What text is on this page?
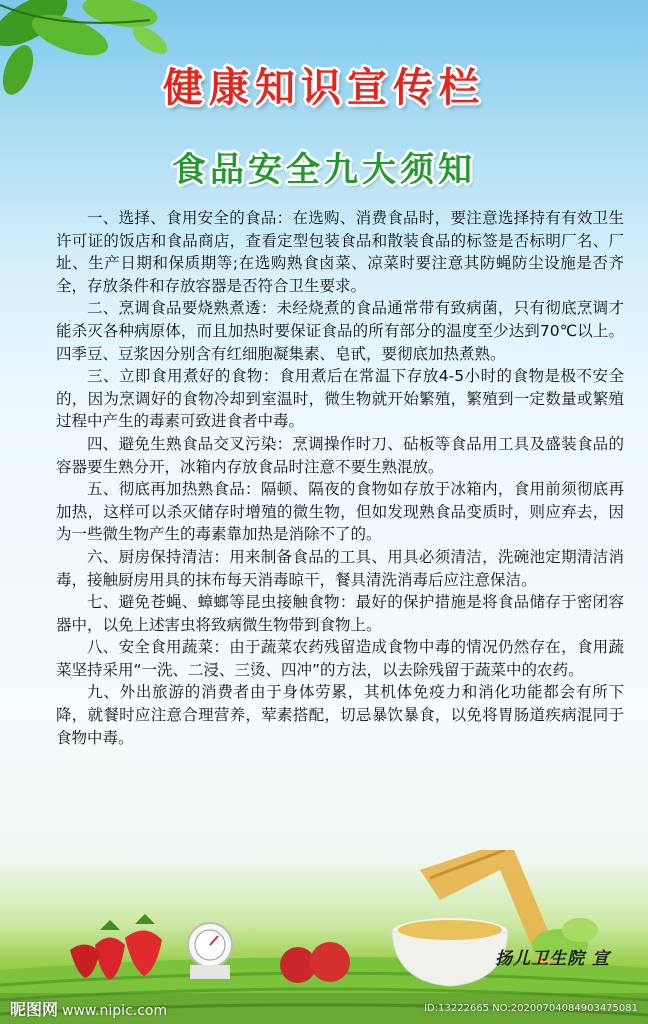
健康知识宣传栏
食品安全九大须知

一、选择、食用安全的食品：在选购、消费食品时，要注意选择持有有效卫生许可证的饭店和食品商店，查看定型包装食品和散装食品的标签是否标明厂名、厂址、生产日期和保质期等;在选购熟食卤菜、凉菜时要注意其防蝇防尘设施是否齐全，存放条件和存放容器是否符合卫生要求。

二、烹调食品要烧熟煮透：未经烧煮的食品通常带有致病菌，只有彻底烹调才能杀灭各种病原体，而且加热时要保证食品的所有部分的温度至少达到70℃以上。四季豆、豆浆因分别含有红细胞凝集素、皂甙，要彻底加热煮熟。

三、立即食用煮好的食物：食用煮后在常温下存放4-5小时的食物是极不安全的，因为烹调好的食物冷却到室温时，微生物就开始繁殖，繁殖到一定数量或繁殖过程中产生的毒素可致进食者中毒。

四、避免生熟食品交叉污染：烹调操作时刀、砧板等食品用工具及盛装食品的容器要生熟分开，冰箱内存放食品时注意不要生熟混放。

五、彻底再加热熟食品：隔顿、隔夜的食物如存放于冰箱内，食用前须彻底再加热，这样可以杀灭储存时增殖的微生物，但如发现熟食品变质时，则应弃去，因为一些微生物产生的毒素靠加热是消除不了的。

六、厨房保持清洁：用来制备食品的工具、用具必须清洁，洗碗池定期清洁消毒，接触厨房用具的抹布每天消毒晾干，餐具清洗消毒后应注意保洁。

七、避免苍蝇、蟑螂等昆虫接触食物：最好的保护措施是将食品储存于密闭容器中，以免上述害虫将致病微生物带到食物上。

八、安全食用蔬菜：由于蔬菜农药残留造成食物中毒的情况仍然存在，食用蔬菜坚持采用“一洗、二浸、三烫、四冲”的方法，以去除残留于蔬菜中的农药。

九、外出旅游的消费者由于身体劳累，其机体免疫力和消化功能都会有所下降，就餐时应注意合理营养，荤素搭配，切忌暴饮暴食，以免将胃肠道疾病混同于食物中毒。

扬儿卫生院 宣
昵图网 www.nipic.com	ID:13222665 NO:20200704084903475081
